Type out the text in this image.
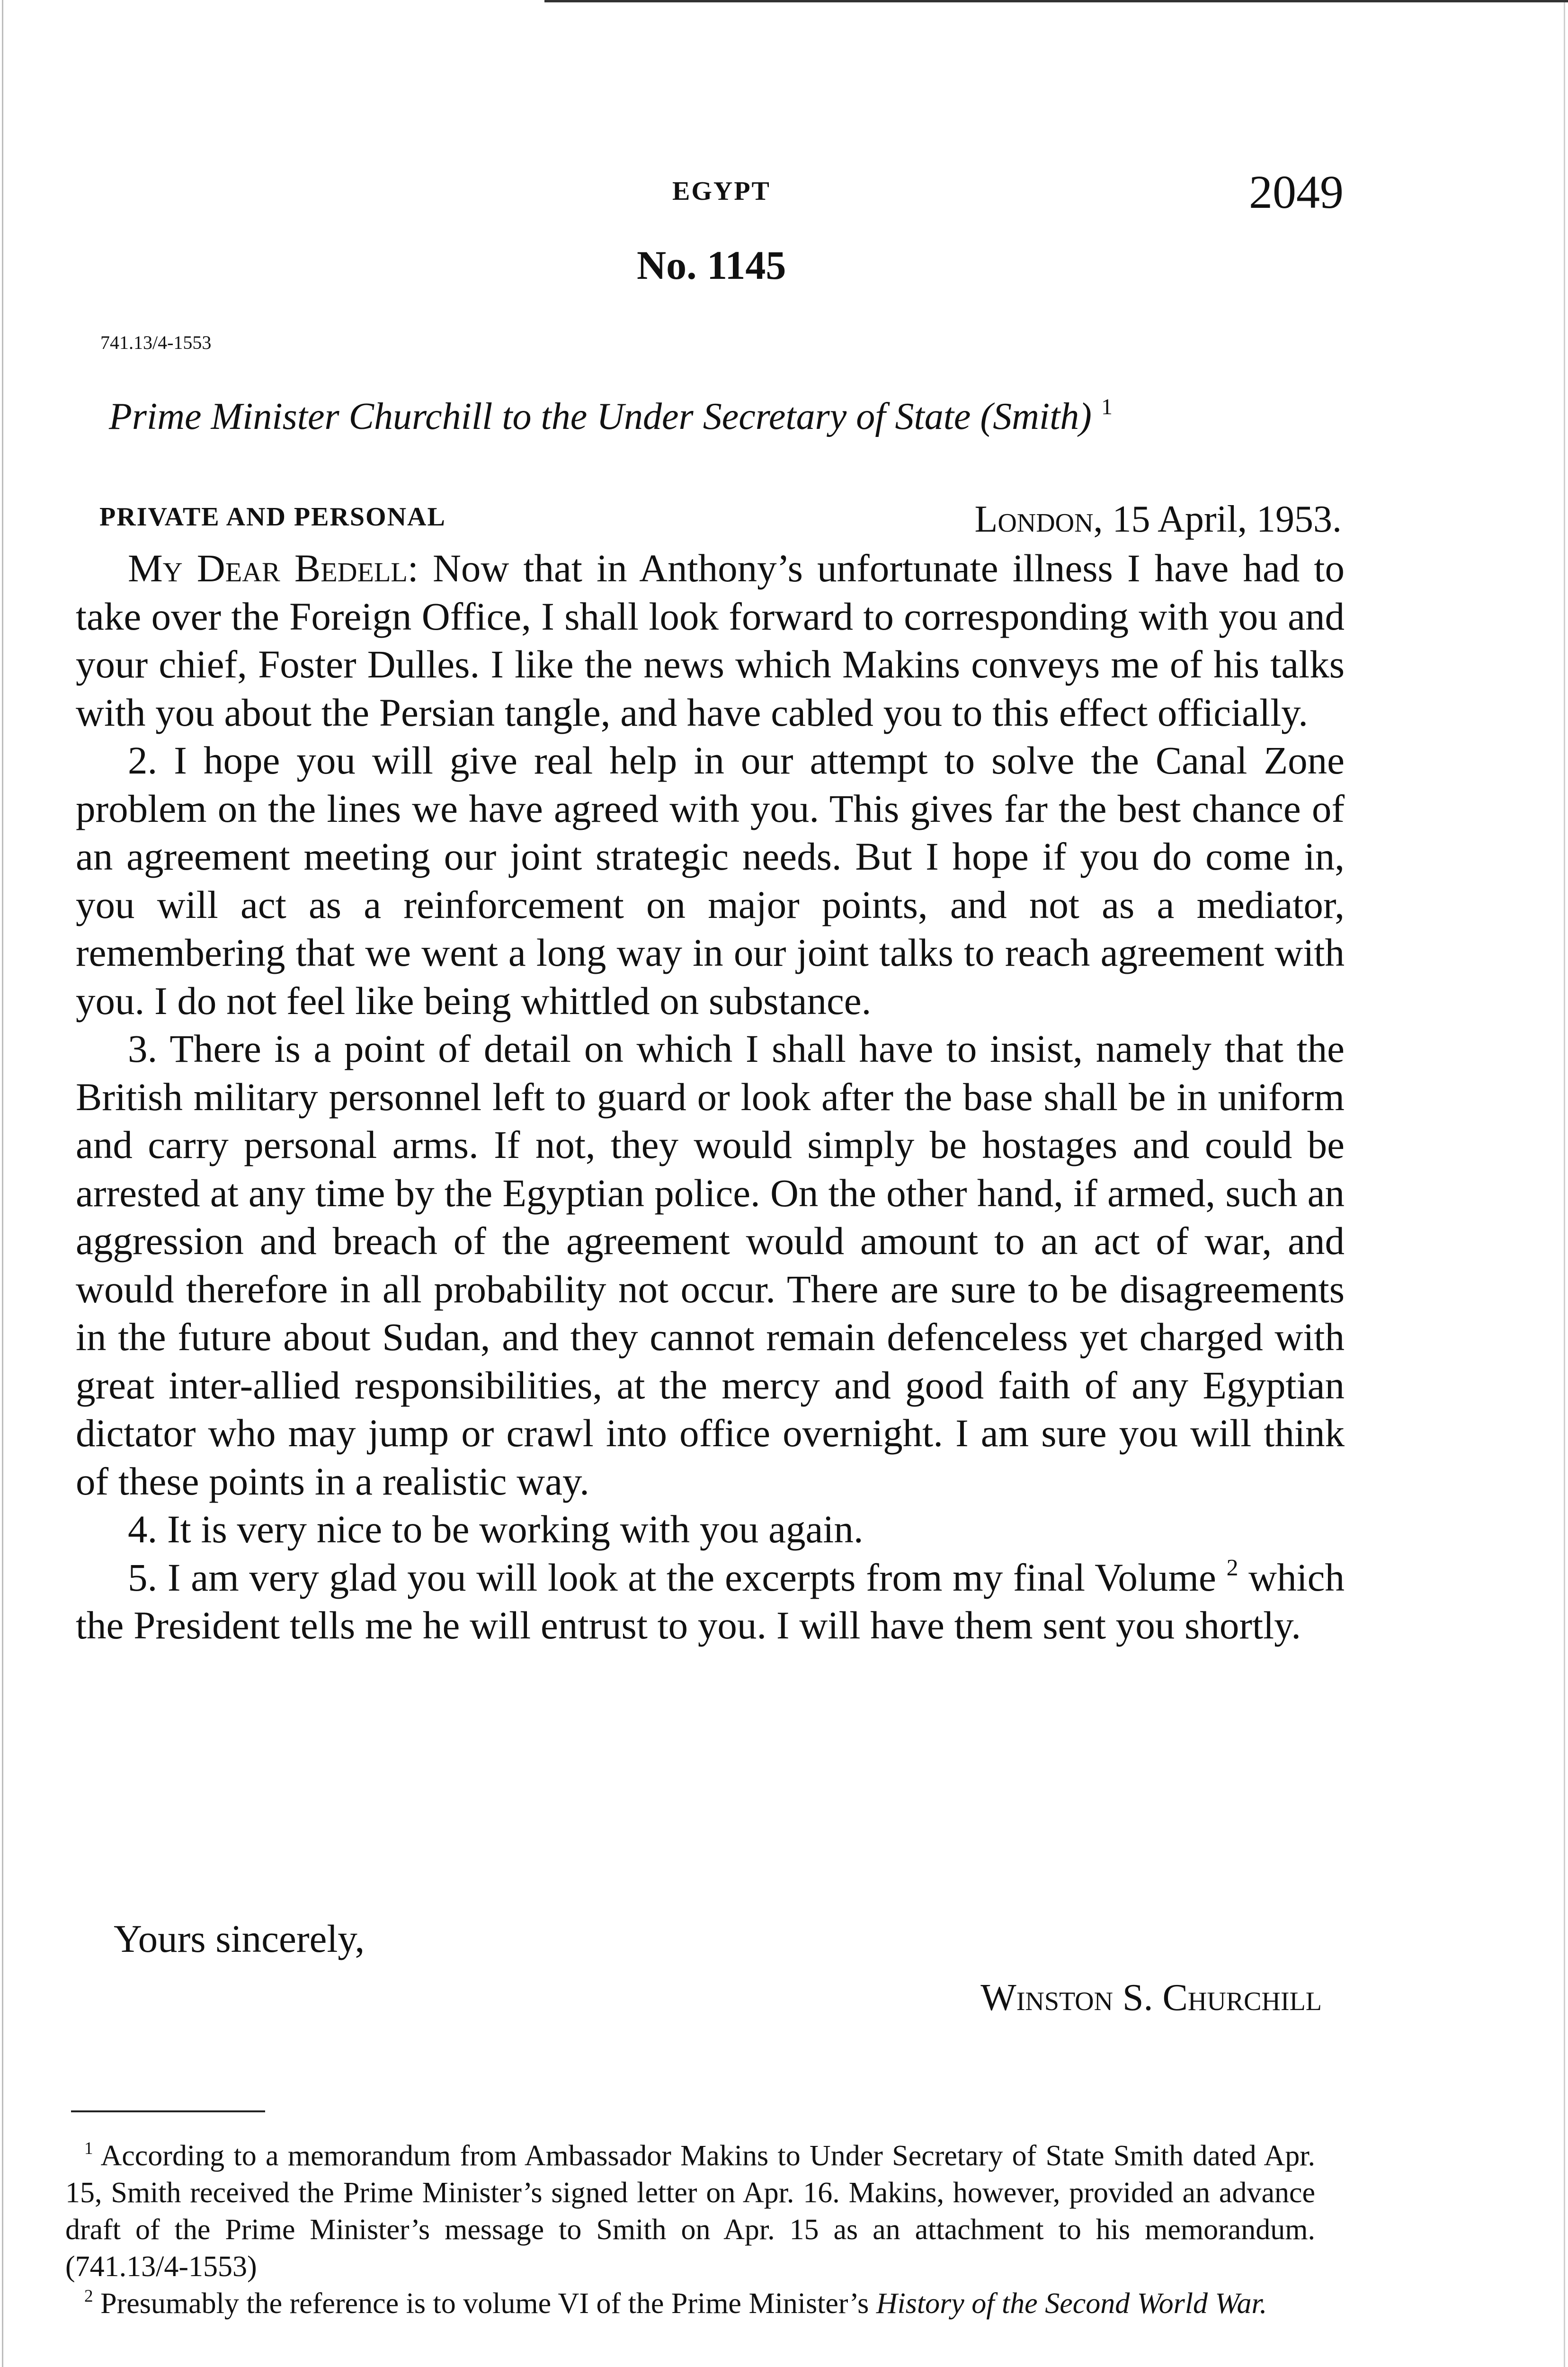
EGYPT	2049
No. 1145
741.13/4-1553
Prime Minister Churchill to the Under Secretary of State (Smith) $^1$
PRIVATE AND PERSONAL	London, 15 April, 1953.

My Dear Bedell: Now that in Anthony’s unfortunate illness I have had to take over the Foreign Office, I shall look forward to corresponding with you and your chief, Foster Dulles. I like the news which Makins conveys me of his talks with you about the Persian tangle, and have cabled you to this effect officially.

2. I hope you will give real help in our attempt to solve the Canal Zone problem on the lines we have agreed with you. This gives far the best chance of an agreement meeting our joint strategic needs. But I hope if you do come in, you will act as a reinforcement on major points, and not as a mediator, remembering that we went a long way in our joint talks to reach agreement with you. I do not feel like being whittled on substance.

3. There is a point of detail on which I shall have to insist, namely that the British military personnel left to guard or look after the base shall be in uniform and carry personal arms. If not, they would simply be hostages and could be arrested at any time by the Egyptian police. On the other hand, if armed, such an aggression and breach of the agreement would amount to an act of war, and would therefore in all probability not occur. There are sure to be disagreements in the future about Sudan, and they cannot remain defenceless yet charged with great inter-allied responsibilities, at the mercy and good faith of any Egyptian dictator who may jump or crawl into office overnight. I am sure you will think of these points in a realistic way.

4. It is very nice to be working with you again.

5. I am very glad you will look at the excerpts from my final Volume $^2$ which the President tells me he will entrust to you. I will have them sent you shortly.

Yours sincerely,
Winston S. Churchill

$^1$ According to a memorandum from Ambassador Makins to Under Secretary of State Smith dated Apr. 15, Smith received the Prime Minister’s signed letter on Apr. 16. Makins, however, provided an advance draft of the Prime Minister’s message to Smith on Apr. 15 as an attachment to his memorandum. (741.13/4-1553)

$^2$ Presumably the reference is to volume VI of the Prime Minister’s History of the Second World War.
